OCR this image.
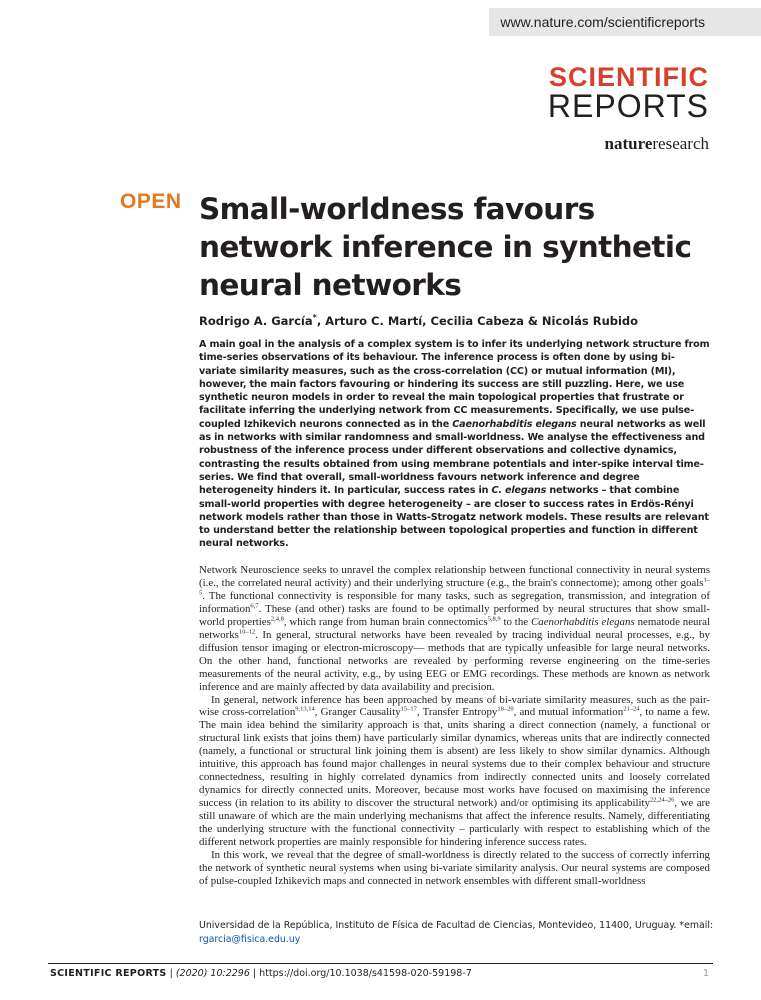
www.nature.com/scientificreports
SCIENTIFIC
REPORTS
natureresearch
OPEN Small-worldness favours network inference in synthetic neural networks
Rodrigo A. García*, Arturo C. Martí, Cecilia Cabeza & Nicolás Rubido
A main goal in the analysis of a complex system is to infer its underlying network structure from time-series observations of its behaviour. The inference process is often done by using bi-variate similarity measures, such as the cross-correlation (CC) or mutual information (MI), however, the main factors favouring or hindering its success are still puzzling. Here, we use synthetic neuron models in order to reveal the main topological properties that frustrate or facilitate inferring the underlying network from CC measurements. Specifically, we use pulse-coupled Izhikevich neurons connected as in the Caenorhabditis elegans neural networks as well as in networks with similar randomness and small-worldness. We analyse the effectiveness and robustness of the inference process under different observations and collective dynamics, contrasting the results obtained from using membrane potentials and inter-spike interval time-series. We find that overall, small-worldness favours network inference and degree heterogeneity hinders it. In particular, success rates in C. elegans networks – that combine small-world properties with degree heterogeneity – are closer to success rates in Erdös-Rényi network models rather than those in Watts-Strogatz network models. These results are relevant to understand better the relationship between topological properties and function in different neural networks.

Network Neuroscience seeks to unravel the complex relationship between functional connectivity in neural systems (i.e., the correlated neural activity) and their underlying structure (e.g., the brain's connectome); among other goals$^{1-5}$. The functional connectivity is responsible for many tasks, such as segregation, transmission, and integration of information$^{6,7}$. These (and other) tasks are found to be optimally performed by neural structures that show small-world properties$^{2,4,8}$, which range from human brain connectomics$^{5,8,9}$ to the Caenorhabditis elegans nematode neural networks$^{10-12}$. In general, structural networks have been revealed by tracing individual neural processes, e.g., by diffusion tensor imaging or electron-microscopy— methods that are typically unfeasible for large neural networks. On the other hand, functional networks are revealed by performing reverse engineering on the time-series measurements of the neural activity, e.g., by using EEG or EMG recordings. These methods are known as network inference and are mainly affected by data availability and precision.

In general, network inference has been approached by means of bi-variate similarity measures, such as the pair-wise cross-correlation$^{9,13,14}$, Granger Causality$^{15-17}$, Transfer Entropy$^{18-20}$, and mutual information$^{21-24}$, to name a few. The main idea behind the similarity approach is that, units sharing a direct connection (namely, a functional or structural link exists that joins them) have particularly similar dynamics, whereas units that are indirectly connected (namely, a functional or structural link joining them is absent) are less likely to show similar dynamics. Although intuitive, this approach has found major challenges in neural systems due to their complex behaviour and structure connectedness, resulting in highly correlated dynamics from indirectly connected units and loosely correlated dynamics for directly connected units. Moreover, because most works have focused on maximising the inference success (in relation to its ability to discover the structural network) and/or optimising its applicability$^{22,24-26}$, we are still unaware of which are the main underlying mechanisms that affect the inference results. Namely, differentiating the underlying structure with the functional connectivity – particularly with respect to establishing which of the different network properties are mainly responsible for hindering inference success rates.

In this work, we reveal that the degree of small-worldness is directly related to the success of correctly inferring the network of synthetic neural systems when using bi-variate similarity analysis. Our neural systems are composed of pulse-coupled Izhikevich maps and connected in network ensembles with different small-worldness

Universidad de la República, Instituto de Física de Facultad de Ciencias, Montevideo, 11400, Uruguay. *email: rgarcia@fisica.edu.uy
SCIENTIFIC REPORTS | (2020) 10:2296 | https://doi.org/10.1038/s41598-020-59198-7	1
